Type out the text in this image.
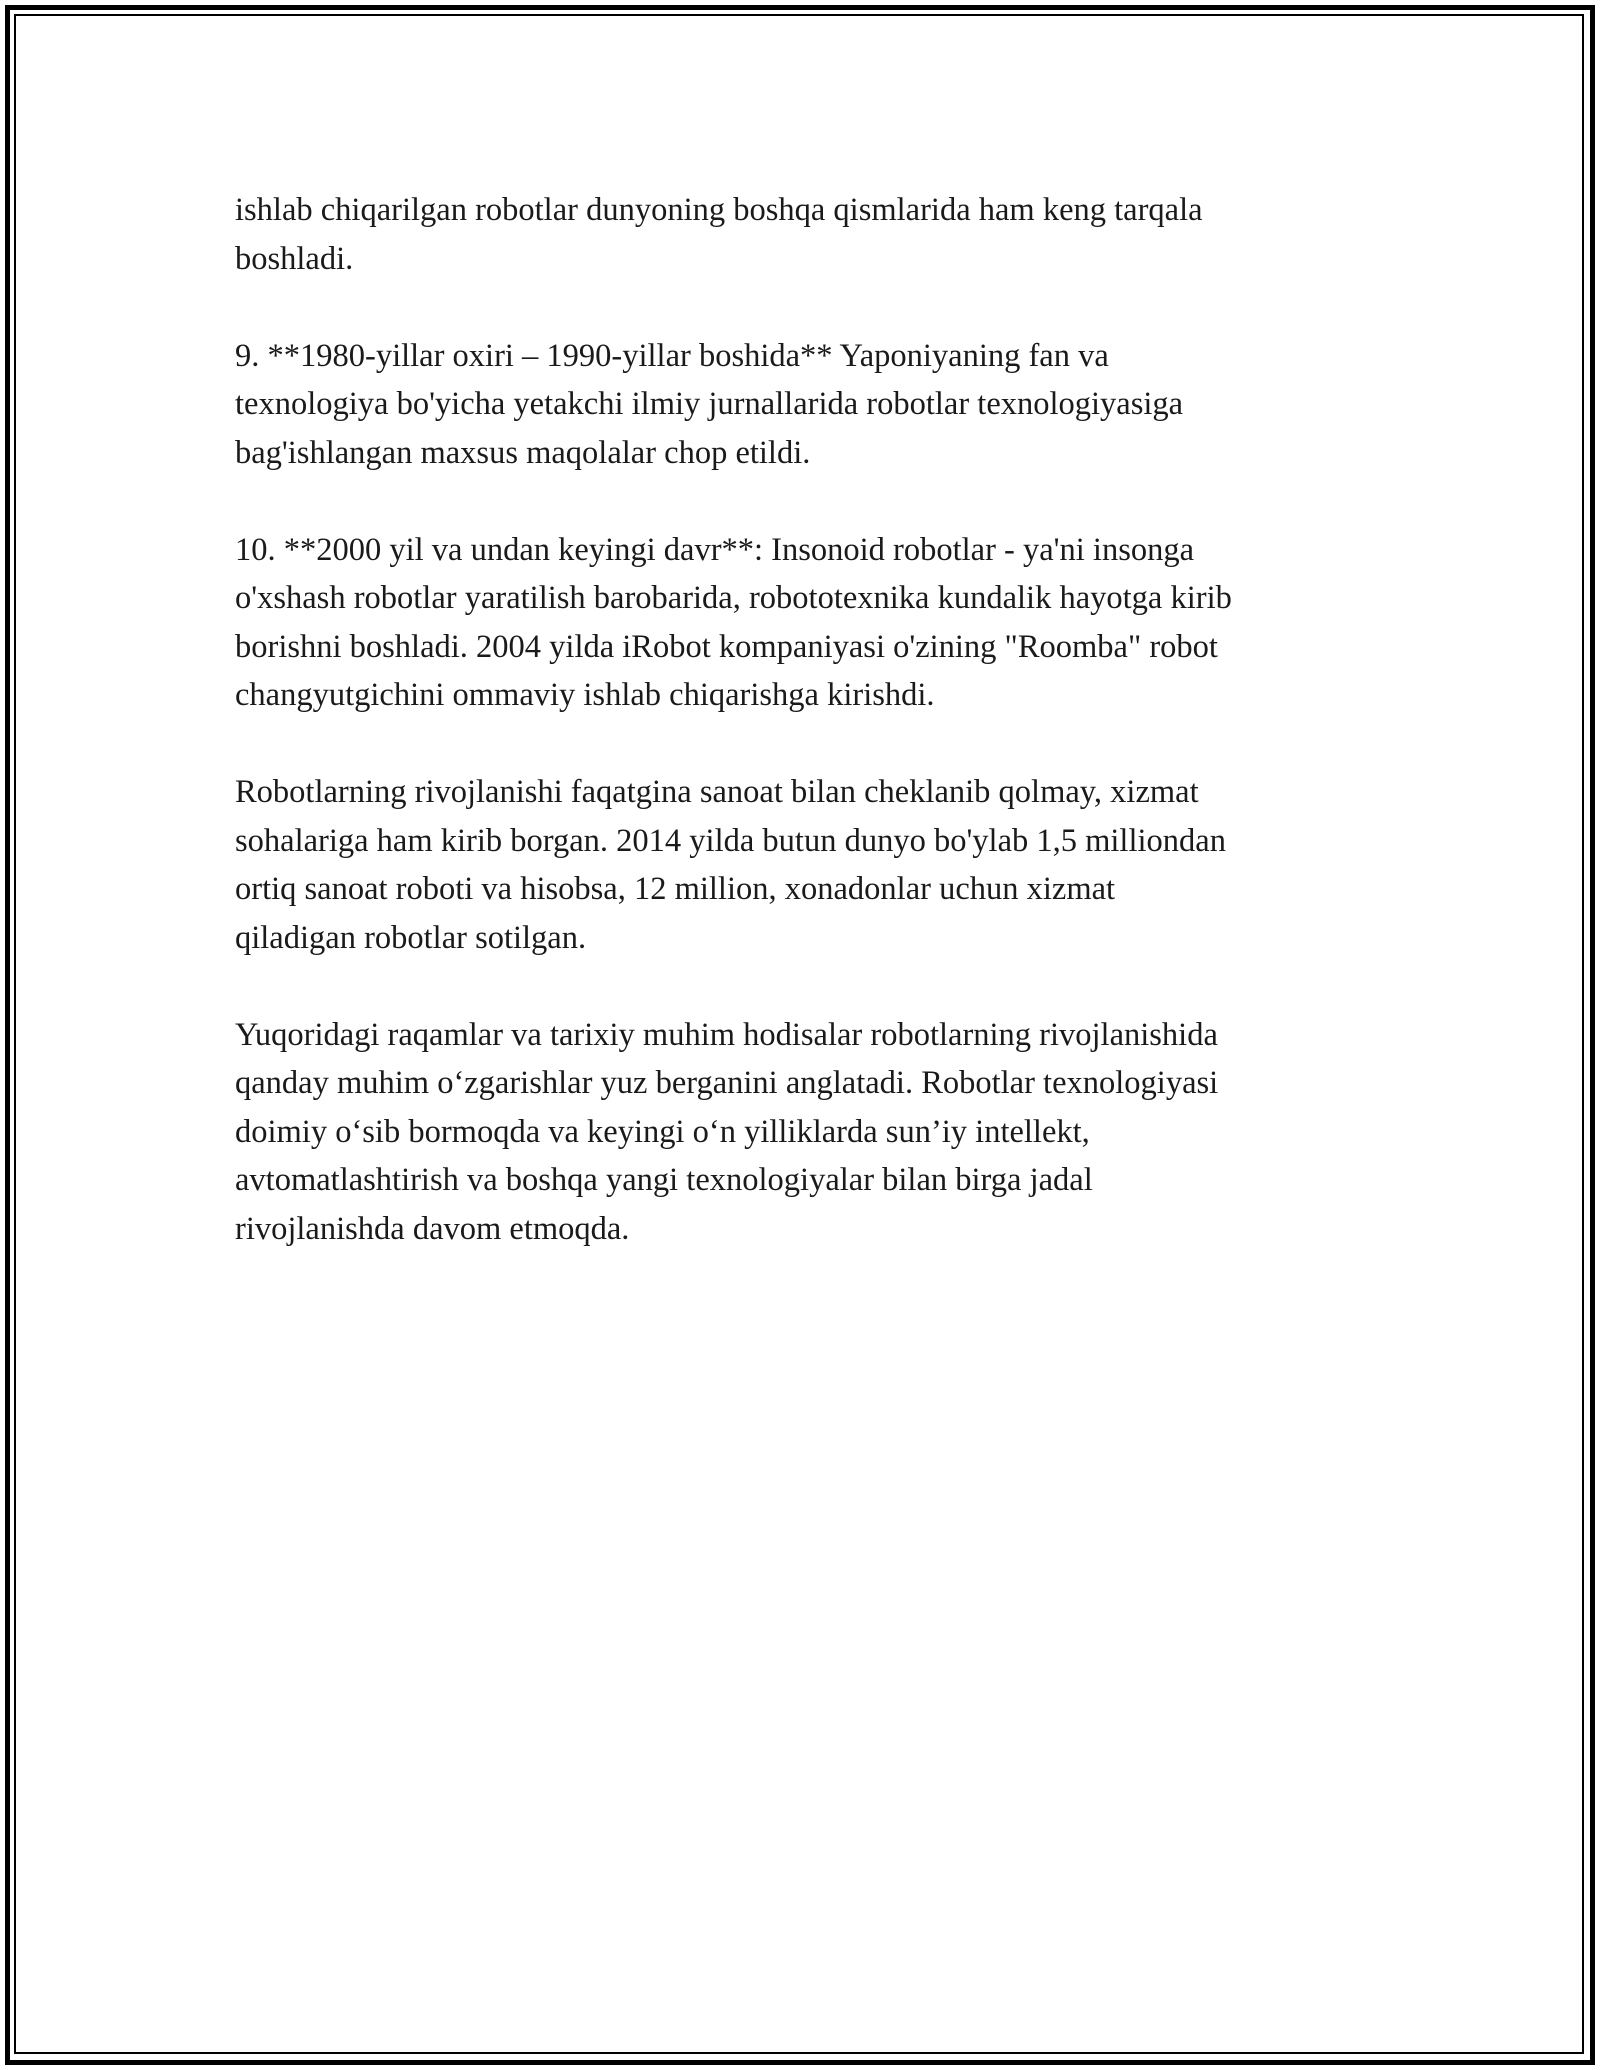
ishlab chiqarilgan robotlar dunyoning boshqa qismlarida ham keng tarqala
boshladi.

9. **1980-yillar oxiri – 1990-yillar boshida** Yaponiyaning fan va
texnologiya bo'yicha yetakchi ilmiy jurnallarida robotlar texnologiyasiga
bag'ishlangan maxsus maqolalar chop etildi.

10. **2000 yil va undan keyingi davr**: Insonoid robotlar - ya'ni insonga
o'xshash robotlar yaratilish barobarida, robototexnika kundalik hayotga kirib
borishni boshladi. 2004 yilda iRobot kompaniyasi o'zining "Roomba" robot
changyutgichini ommaviy ishlab chiqarishga kirishdi.

Robotlarning rivojlanishi faqatgina sanoat bilan cheklanib qolmay, xizmat
sohalariga ham kirib borgan. 2014 yilda butun dunyo bo'ylab 1,5 milliondan
ortiq sanoat roboti va hisobsa, 12 million, xonadonlar uchun xizmat
qiladigan robotlar sotilgan.

Yuqoridagi raqamlar va tarixiy muhim hodisalar robotlarning rivojlanishida
qanday muhim o‘zgarishlar yuz berganini anglatadi. Robotlar texnologiyasi
doimiy o‘sib bormoqda va keyingi o‘n yilliklarda sun’iy intellekt,
avtomatlashtirish va boshqa yangi texnologiyalar bilan birga jadal
rivojlanishda davom etmoqda.
